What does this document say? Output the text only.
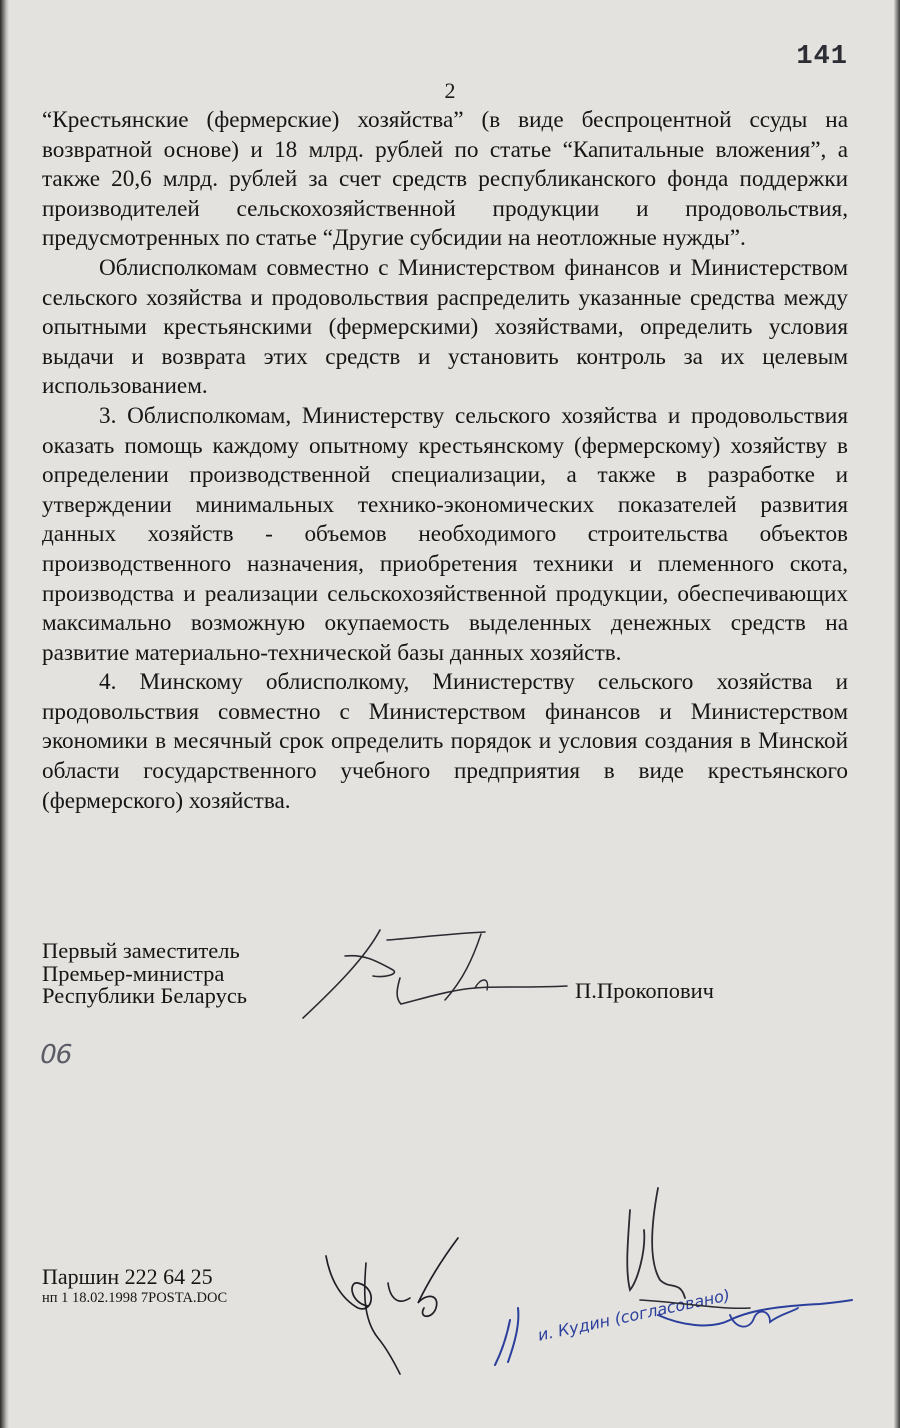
141
2

“Крестьянские (фермерские) хозяйства” (в виде беспроцентной ссуды на возвратной основе) и 18 млрд. рублей по статье “Капитальные вложения”, а также 20,6 млрд. рублей за счет средств республиканского фонда поддержки производителей сельскохозяйственной продукции и продовольствия, предусмотренных по статье “Другие субсидии на неотложные нужды”.

Облисполкомам совместно с Министерством финансов и Министерством сельского хозяйства и продовольствия распределить указанные средства между опытными крестьянскими (фермерскими) хозяйствами, определить условия выдачи и возврата этих средств и установить контроль за их целевым использованием.

3. Облисполкомам, Министерству сельского хозяйства и продовольствия оказать помощь каждому опытному крестьянскому (фермерскому) хозяйству в определении производственной специализации, а также в разработке и утверждении минимальных технико-экономических показателей развития данных хозяйств - объемов необходимого строительства объектов производственного назначения, приобретения техники и племенного скота, производства и реализации сельскохозяйственной продукции, обеспечивающих максимально возможную окупаемость выделенных денежных средств на развитие материально-технической базы данных хозяйств.

4. Минскому облисполкому, Министерству сельского хозяйства и продовольствия совместно с Министерством финансов и Министерством экономики в месячный срок определить порядок и условия создания в Минской области государственного учебного предприятия в виде крестьянского (фермерского) хозяйства.

Первый заместитель
Премьер-министра
Республики Беларусь	П.Прокопович
06
Паршин 222 64 25
нп 1 18.02.1998 7POSTA.DOC	и. Кудин (согласовано)
